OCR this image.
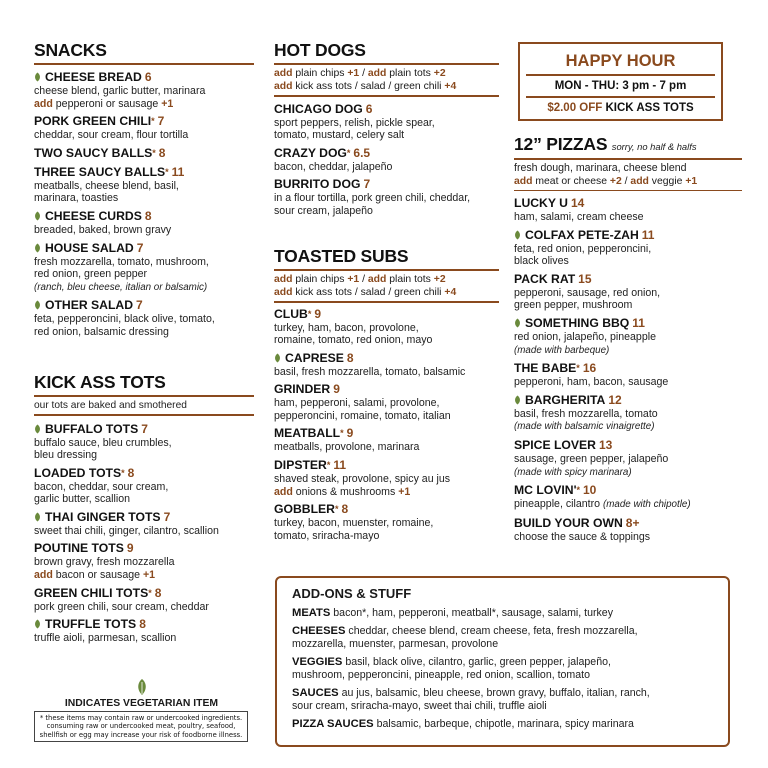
SNACKS
CHEESE BREAD 6
cheese blend, garlic butter, marinara
add pepperoni or sausage +1
PORK GREEN CHILI* 7
cheddar, sour cream, flour tortilla
TWO SAUCY BALLS* 8
THREE SAUCY BALLS* 11
meatballs, cheese blend, basil,
marinara, toasties
CHEESE CURDS 8
breaded, baked, brown gravy
HOUSE SALAD 7
fresh mozzarella, tomato, mushroom,
red onion, green pepper
(ranch, bleu cheese, italian or balsamic)
OTHER SALAD 7
feta, pepperoncini, black olive, tomato,
red onion, balsamic dressing
KICK ASS TOTS
our tots are baked and smothered
BUFFALO TOTS 7
buffalo sauce, bleu crumbles,
bleu dressing
LOADED TOTS* 8
bacon, cheddar, sour cream,
garlic butter, scallion
THAI GINGER TOTS 7
sweet thai chili, ginger, cilantro, scallion
POUTINE TOTS 9
brown gravy, fresh mozzarella
add bacon or sausage +1
GREEN CHILI TOTS* 8
pork green chili, sour cream, cheddar
TRUFFLE TOTS 8
truffle aioli, parmesan, scallion
INDICATES VEGETARIAN ITEM
* these items may contain raw or undercooked ingredients.
consuming raw or undercooked meat, poultry, seafood,
shellfish or egg may increase your risk of foodborne illness.
HOT DOGS
add plain chips +1 / add plain tots +2
add kick ass tots / salad / green chili +4
CHICAGO DOG 6
sport peppers, relish, pickle spear,
tomato, mustard, celery salt
CRAZY DOG* 6.5
bacon, cheddar, jalapeño
BURRITO DOG 7
in a flour tortilla, pork green chili, cheddar,
sour cream, jalapeño
TOASTED SUBS
add plain chips +1 / add plain tots +2
add kick ass tots / salad / green chili +4
CLUB* 9
turkey, ham, bacon, provolone,
romaine, tomato, red onion, mayo
CAPRESE 8
basil, fresh mozzarella, tomato, balsamic
GRINDER 9
ham, pepperoni, salami, provolone,
pepperoncini, romaine, tomato, italian
MEATBALL* 9
meatballs, provolone, marinara
DIPSTER* 11
shaved steak, provolone, spicy au jus
add onions & mushrooms +1
GOBBLER* 8
turkey, bacon, muenster, romaine,
tomato, sriracha-mayo
HAPPY HOUR
MON - THU: 3 pm - 7 pm
$2.00 OFF KICK ASS TOTS
12” PIZZAS sorry, no half & halfs
fresh dough, marinara, cheese blend
add meat or cheese +2 / add veggie +1
LUCKY U 14
ham, salami, cream cheese
COLFAX PETE-ZAH 11
feta, red onion, pepperoncini,
black olives
PACK RAT 15
pepperoni, sausage, red onion,
green pepper, mushroom
SOMETHING BBQ 11
red onion, jalapeño, pineapple
(made with barbeque)
THE BABE* 16
pepperoni, ham, bacon, sausage
BARGHERITA 12
basil, fresh mozzarella, tomato
(made with balsamic vinaigrette)
SPICE LOVER 13
sausage, green pepper, jalapeño
(made with spicy marinara)
MC LOVIN'* 10
pineapple, cilantro (made with chipotle)
BUILD YOUR OWN 8+
choose the sauce & toppings
ADD-ONS & STUFF
MEATS bacon*, ham, pepperoni, meatball*, sausage, salami, turkey
CHEESES cheddar, cheese blend, cream cheese, feta, fresh mozzarella,
mozzarella, muenster, parmesan, provolone
VEGGIES basil, black olive, cilantro, garlic, green pepper, jalapeño,
mushroom, pepperoncini, pineapple, red onion, scallion, tomato
SAUCES au jus, balsamic, bleu cheese, brown gravy, buffalo, italian, ranch,
sour cream, sriracha-mayo, sweet thai chili, truffle aioli
PIZZA SAUCES balsamic, barbeque, chipotle, marinara, spicy marinara
